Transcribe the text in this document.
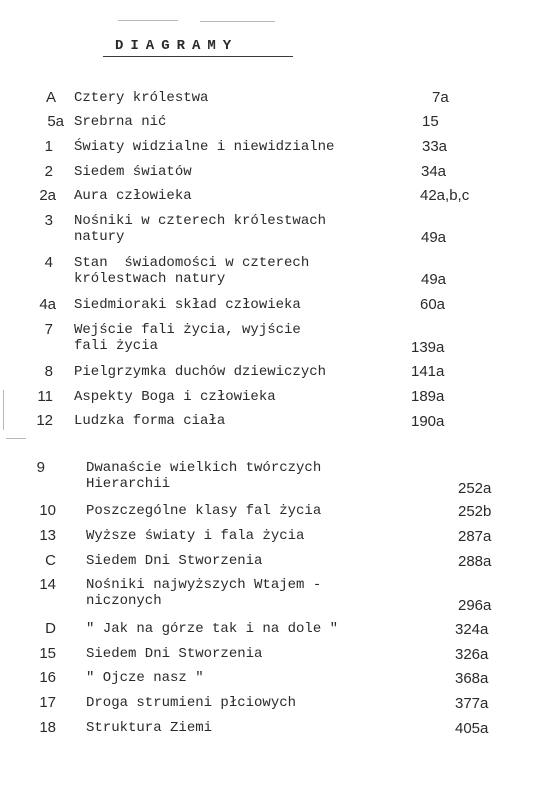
DIAGRAMY
A Cztery królestwa	7a
5a Srebrna nić	15
1 Światy widzialne i niewidzialne	33a
2 Siedem światów	34a
2a Aura człowieka	42a,b,c
3 Nośniki w czterech królestwach
natury	49a
4 Stan  świadomości w czterech
królestwach natury	49a
4a Siedmioraki skład człowieka	60a
7 Wejście fali życia, wyjście
fali życia	139a
8 Pielgrzymka duchów dziewiczych	141a
11 Aspekty Boga i człowieka	189a
12 Ludzka forma ciała	190a
9	Dwanaście wielkich twórczych
Hierarchii	252a
10 Poszczególne klasy fal życia	252b
13 Wyższe światy i fala życia	287a
C Siedem Dni Stworzenia	288a
14 Nośniki najwyższych Wtajem -
niczonych	296a
D " Jak na górze tak i na dole "	324a
15 Siedem Dni Stworzenia	326a
16 " Ojcze nasz "	368a
17 Droga strumieni płciowych	377a
18 Struktura Ziemi	405a
